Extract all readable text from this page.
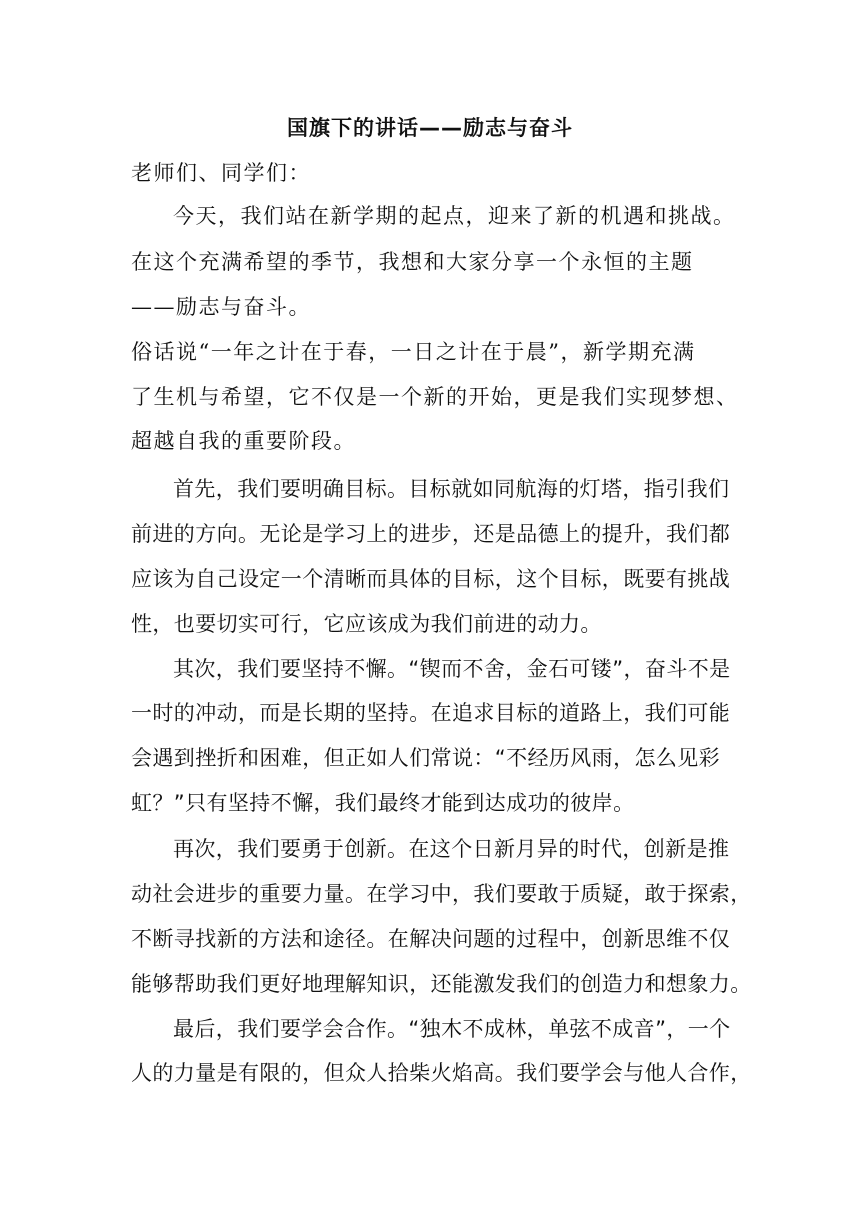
国旗下的讲话——励志与奋斗

老师们、同学们：

今天，我们站在新学期的起点，迎来了新的机遇和挑战。

在这个充满希望的季节，我想和大家分享一个永恒的主题

——励志与奋斗。

俗话说“一年之计在于春，一日之计在于晨”，新学期充满

了生机与希望，它不仅是一个新的开始，更是我们实现梦想、

超越自我的重要阶段。

首先，我们要明确目标。目标就如同航海的灯塔，指引我们

前进的方向。无论是学习上的进步，还是品德上的提升，我们都

应该为自己设定一个清晰而具体的目标，这个目标，既要有挑战

性，也要切实可行，它应该成为我们前进的动力。

其次，我们要坚持不懈。“锲而不舍，金石可镂”，奋斗不是

一时的冲动，而是长期的坚持。在追求目标的道路上，我们可能

会遇到挫折和困难，但正如人们常说：“不经历风雨，怎么见彩

虹？”只有坚持不懈，我们最终才能到达成功的彼岸。

再次，我们要勇于创新。在这个日新月异的时代，创新是推

动社会进步的重要力量。在学习中，我们要敢于质疑，敢于探索，

不断寻找新的方法和途径。在解决问题的过程中，创新思维不仅

能够帮助我们更好地理解知识，还能激发我们的创造力和想象力。

最后，我们要学会合作。“独木不成林，单弦不成音”，一个

人的力量是有限的，但众人拾柴火焰高。我们要学会与他人合作，
